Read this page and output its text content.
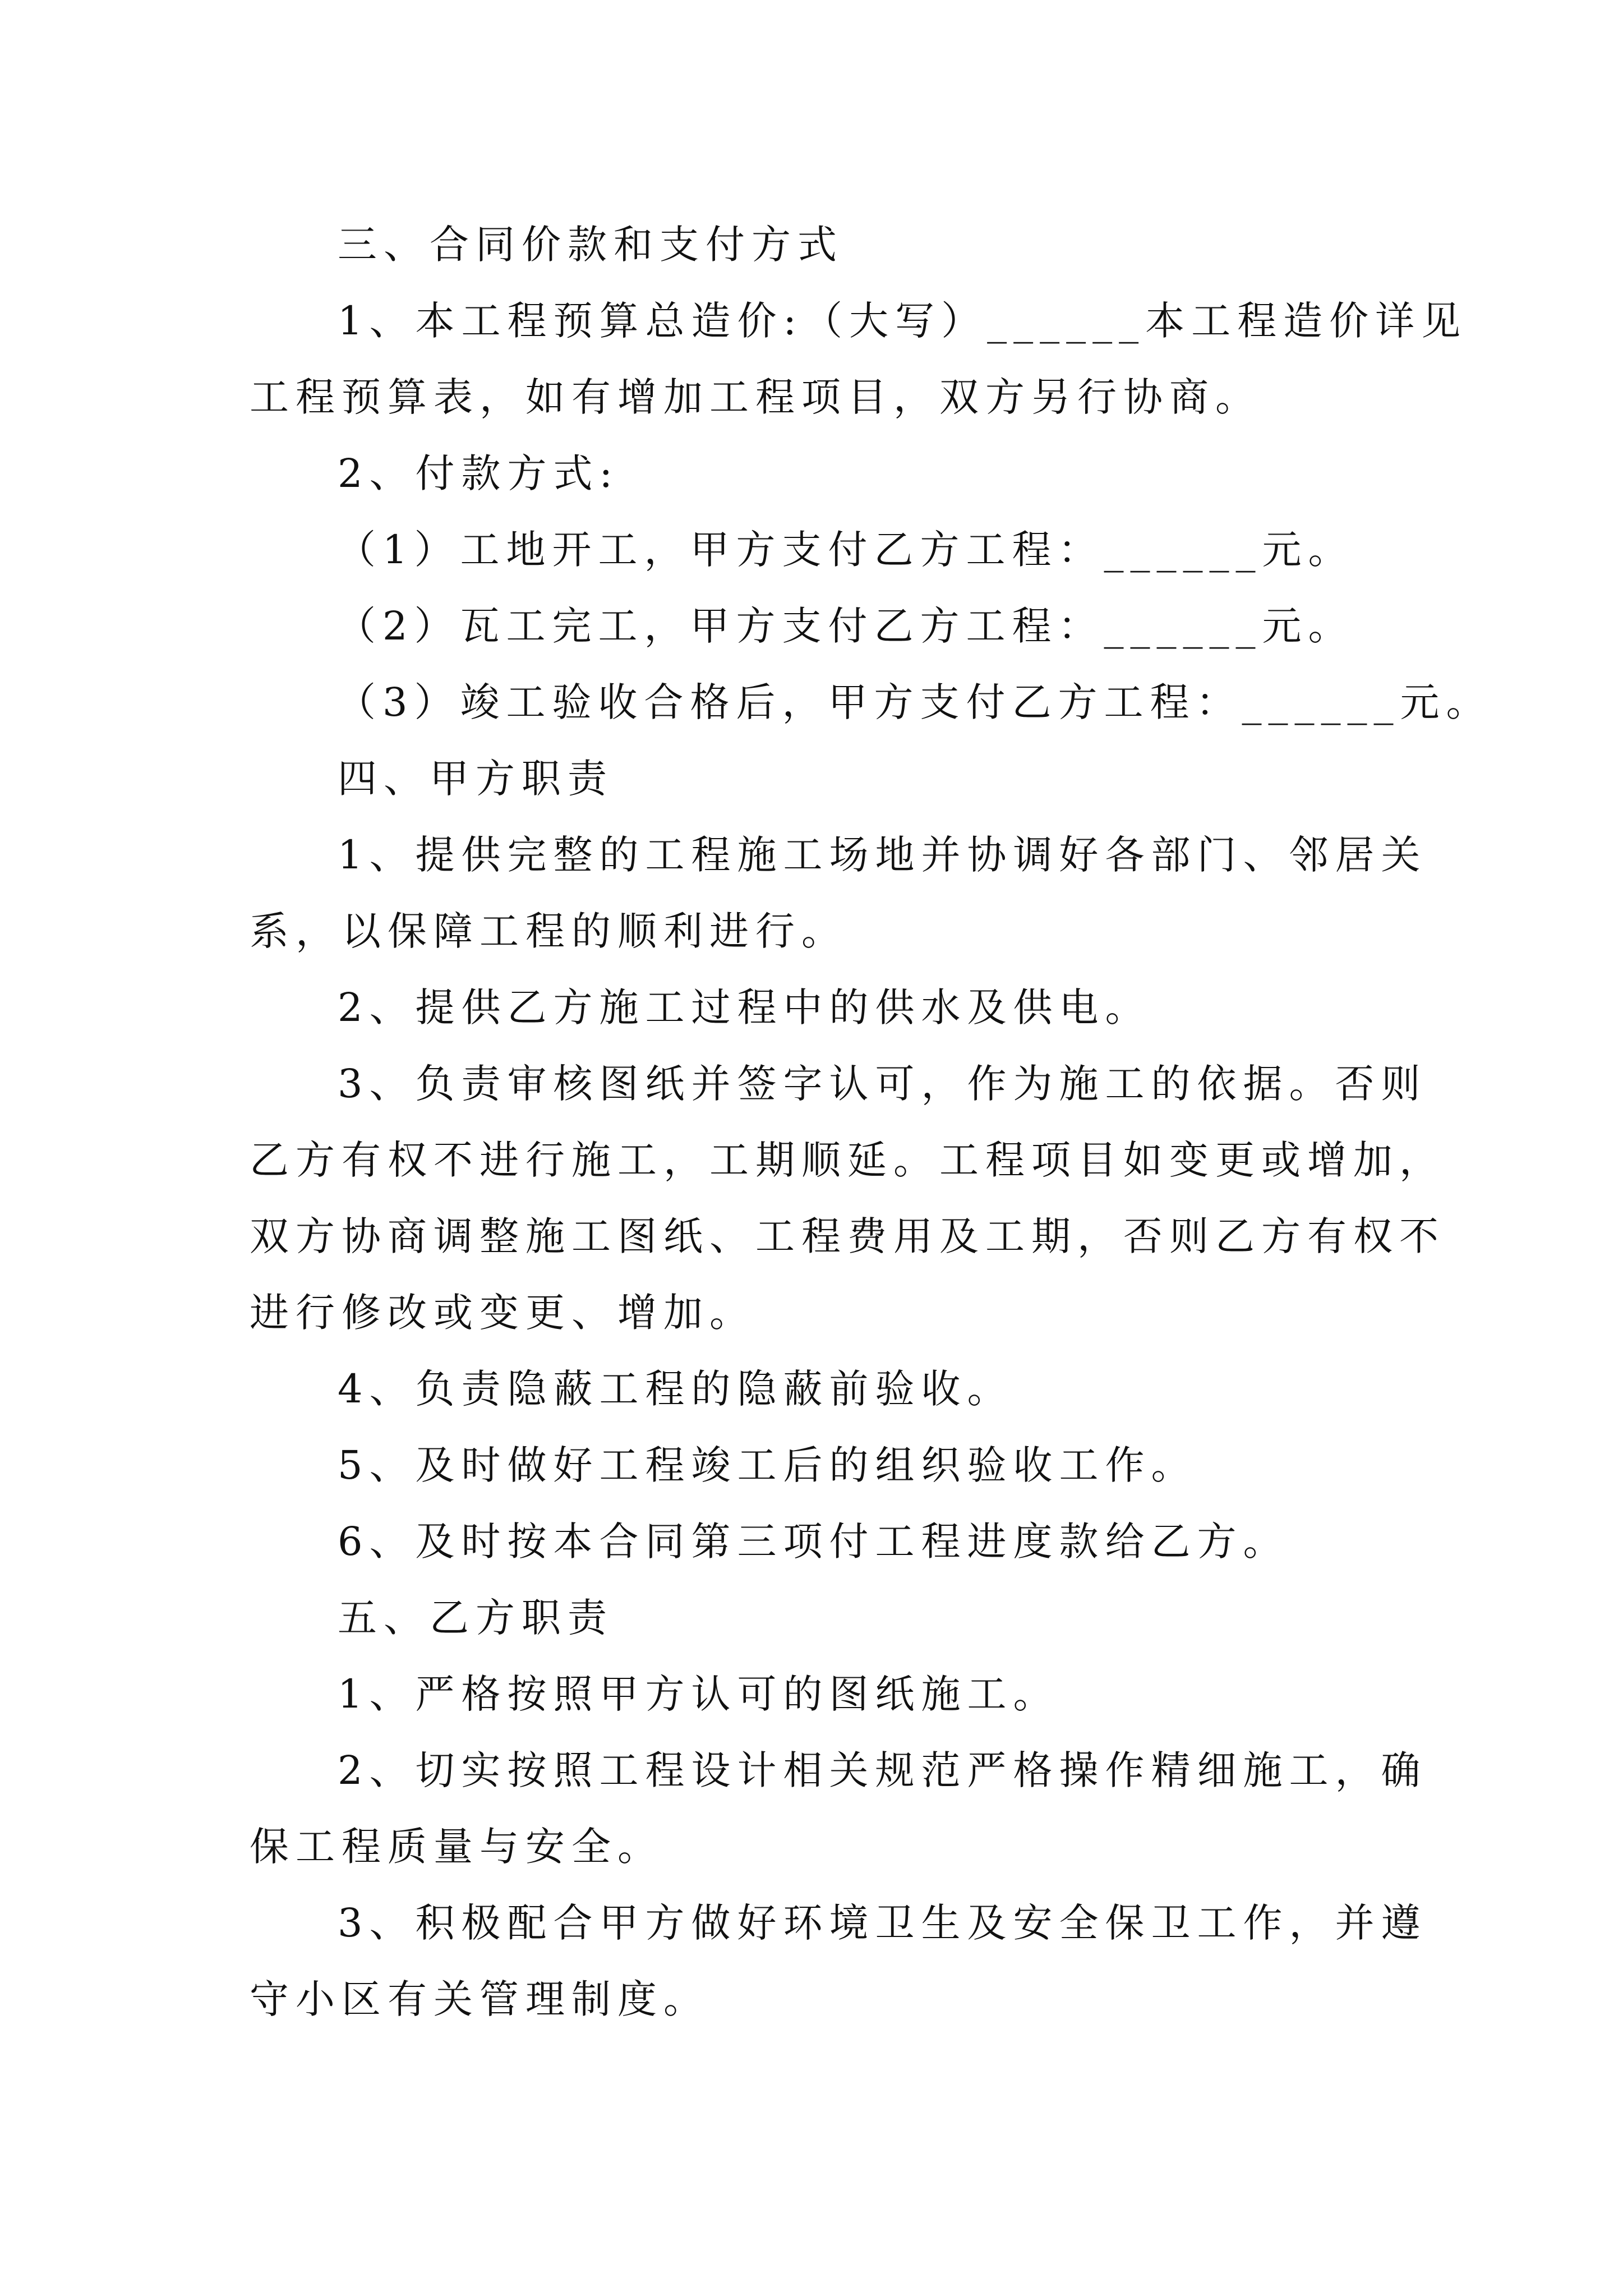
三、合同价款和支付方式
1、本工程预算总造价:（大写）______本工程造价详见
工程预算表，如有增加工程项目，双方另行协商。
2、付款方式:
（1）工地开工，甲方支付乙方工程：______元。
（2）瓦工完工，甲方支付乙方工程：______元。
（3）竣工验收合格后，甲方支付乙方工程：______元。
四、甲方职责
1、提供完整的工程施工场地并协调好各部门、邻居关
系，以保障工程的顺利进行。
2、提供乙方施工过程中的供水及供电。
3、负责审核图纸并签字认可，作为施工的依据。否则
乙方有权不进行施工，工期顺延。工程项目如变更或增加，
双方协商调整施工图纸、工程费用及工期，否则乙方有权不
进行修改或变更、增加。
4、负责隐蔽工程的隐蔽前验收。
5、及时做好工程竣工后的组织验收工作。
6、及时按本合同第三项付工程进度款给乙方。
五、乙方职责
1、严格按照甲方认可的图纸施工。
2、切实按照工程设计相关规范严格操作精细施工，确
保工程质量与安全。
3、积极配合甲方做好环境卫生及安全保卫工作，并遵
守小区有关管理制度。
